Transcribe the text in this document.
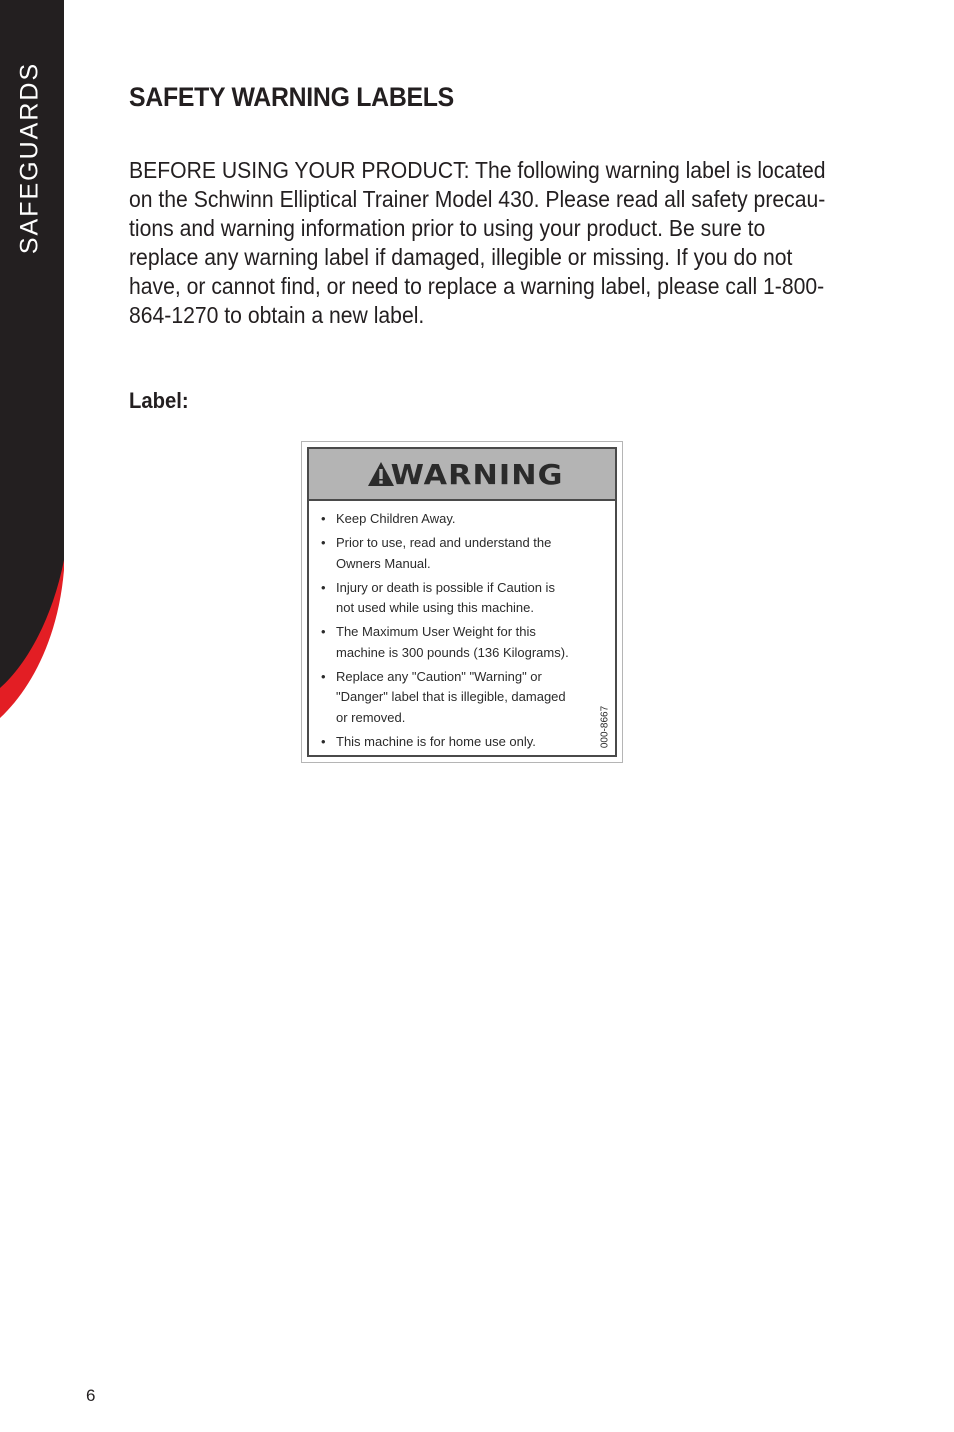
SAFEGUARDS	SAFETY WARNING LABELS

BEFORE USING YOUR PRODUCT: The following warning label is located
on the Schwinn Elliptical Trainer Model 430. Please read all safety precau-
tions and warning information prior to using your product. Be sure to
replace any warning label if damaged, illegible or missing. If you do not
have, or cannot find, or need to replace a warning label, please call 1-800-
864-1270 to obtain a new label.

Label:
WARNING
• Keep Children Away.
• Prior to use, read and understand the
Owners Manual.
• Injury or death is possible if Caution is
not used while using this machine.
• The Maximum User Weight for this
machine is 300 pounds (136 Kilograms).
• Replace any "Caution" "Warning" or
"Danger" label that is illegible, damaged
or removed.
• This machine is for home use only.	000-8667
6
